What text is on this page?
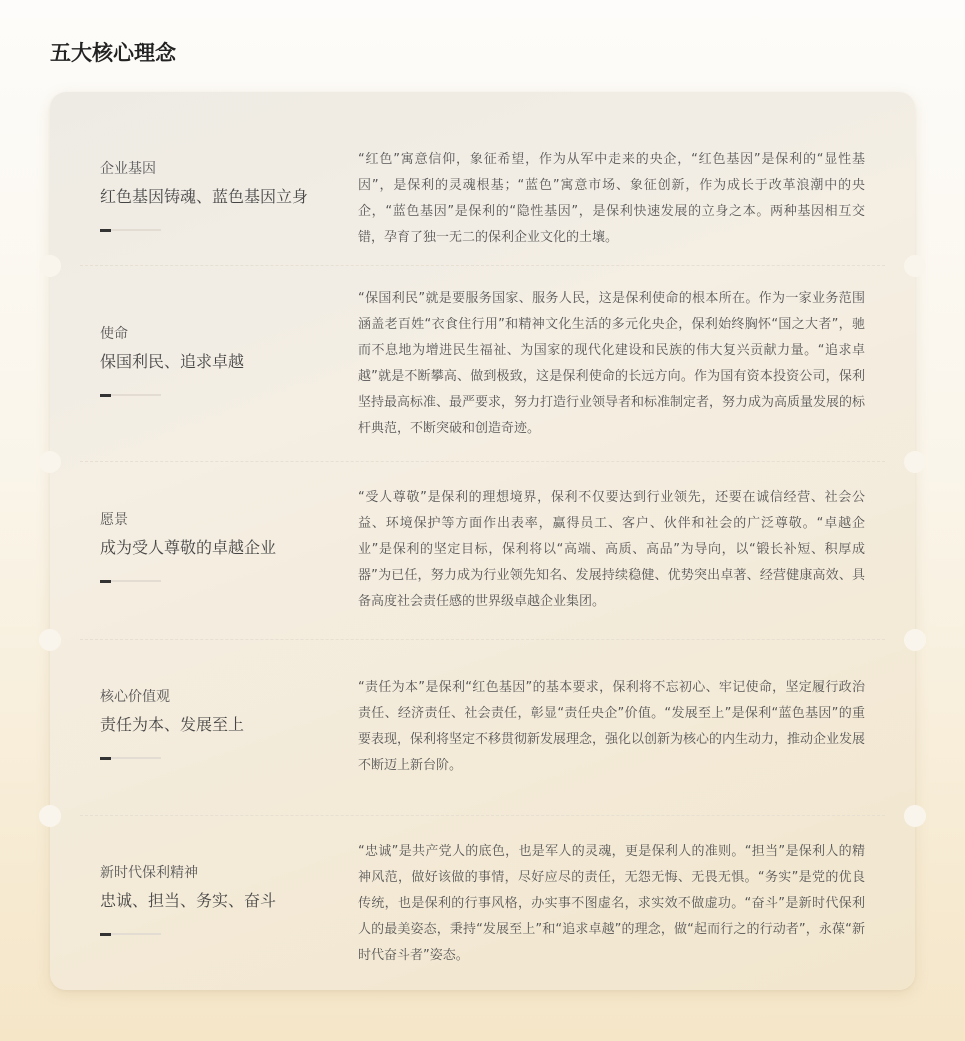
五大核心理念
企业基因
红色基因铸魂、蓝色基因立身

“红色”寓意信仰，象征希望，作为从军中走来的央企，“红色基因”是保利的“显性基因”，是保利的灵魂根基；“蓝色”寓意市场、象征创新，作为成长于改革浪潮中的央企，“蓝色基因”是保利的“隐性基因”，是保利快速发展的立身之本。两种基因相互交错，孕育了独一无二的保利企业文化的土壤。

使命
保国利民、追求卓越

“保国利民”就是要服务国家、服务人民，这是保利使命的根本所在。作为一家业务范围涵盖老百姓“衣食住行用”和精神文化生活的多元化央企，保利始终胸怀“国之大者”，驰而不息地为增进民生福祉、为国家的现代化建设和民族的伟大复兴贡献力量。“追求卓越”就是不断攀高、做到极致，这是保利使命的长远方向。作为国有资本投资公司，保利坚持最高标准、最严要求，努力打造行业领导者和标准制定者，努力成为高质量发展的标杆典范，不断突破和创造奇迹。

愿景
成为受人尊敬的卓越企业

“受人尊敬”是保利的理想境界，保利不仅要达到行业领先，还要在诚信经营、社会公益、环境保护等方面作出表率，赢得员工、客户、伙伴和社会的广泛尊敬。“卓越企业”是保利的坚定目标，保利将以“高端、高质、高品”为导向，以“锻长补短、积厚成器”为已任，努力成为行业领先知名、发展持续稳健、优势突出卓著、经营健康高效、具备高度社会责任感的世界级卓越企业集团。

核心价值观
责任为本、发展至上

“责任为本”是保利“红色基因”的基本要求，保利将不忘初心、牢记使命，坚定履行政治责任、经济责任、社会责任，彰显“责任央企”价值。“发展至上”是保利“蓝色基因”的重要表现，保利将坚定不移贯彻新发展理念，强化以创新为核心的内生动力，推动企业发展不断迈上新台阶。

新时代保利精神
忠诚、担当、务实、奋斗

“忠诚”是共产党人的底色，也是军人的灵魂，更是保利人的准则。“担当”是保利人的精神风范，做好该做的事情，尽好应尽的责任，无怨无悔、无畏无惧。“务实”是党的优良传统，也是保利的行事风格，办实事不图虚名，求实效不做虚功。“奋斗”是新时代保利人的最美姿态，秉持“发展至上”和“追求卓越”的理念，做“起而行之的行动者”，永葆“新时代奋斗者”姿态。
